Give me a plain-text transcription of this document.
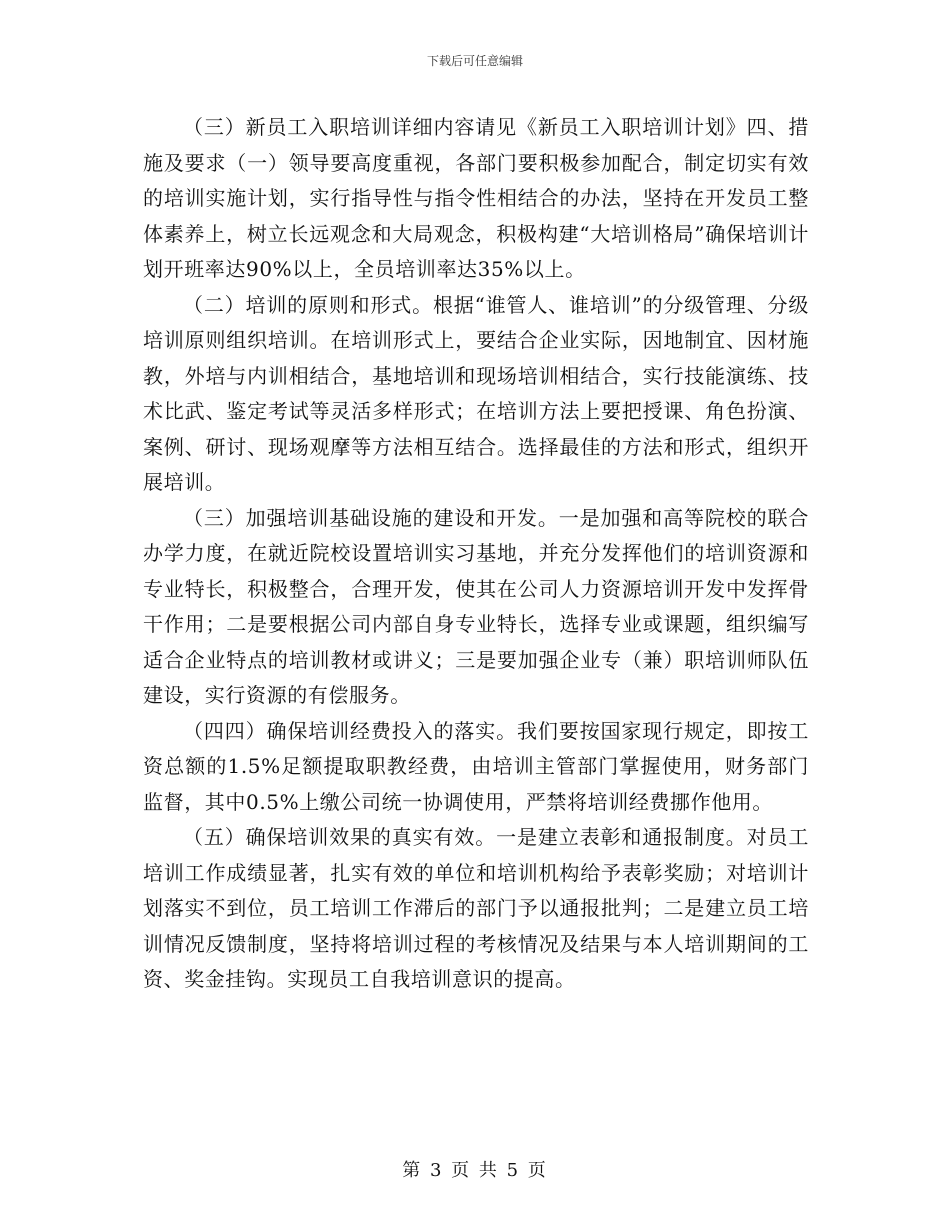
下载后可任意编辑

（三）新员工入职培训详细内容请见《新员工入职培训计划》四、措施及要求（一）领导要高度重视，各部门要积极参加配合，制定切实有效的培训实施计划，实行指导性与指令性相结合的办法，坚持在开发员工整体素养上，树立长远观念和大局观念，积极构建“大培训格局”确保培训计划开班率达90%以上，全员培训率达35%以上。

（二）培训的原则和形式。根据“谁管人、谁培训”的分级管理、分级培训原则组织培训。在培训形式上，要结合企业实际，因地制宜、因材施教，外培与内训相结合，基地培训和现场培训相结合，实行技能演练、技术比武、鉴定考试等灵活多样形式；在培训方法上要把授课、角色扮演、案例、研讨、现场观摩等方法相互结合。选择最佳的方法和形式，组织开展培训。

（三）加强培训基础设施的建设和开发。一是加强和高等院校的联合办学力度，在就近院校设置培训实习基地，并充分发挥他们的培训资源和专业特长，积极整合，合理开发，使其在公司人力资源培训开发中发挥骨干作用；二是要根据公司内部自身专业特长，选择专业或课题，组织编写适合企业特点的培训教材或讲义；三是要加强企业专（兼）职培训师队伍建设，实行资源的有偿服务。

（四四）确保培训经费投入的落实。我们要按国家现行规定，即按工资总额的1.5%足额提取职教经费，由培训主管部门掌握使用，财务部门监督，其中0.5%上缴公司统一协调使用，严禁将培训经费挪作他用。

（五）确保培训效果的真实有效。一是建立表彰和通报制度。对员工培训工作成绩显著，扎实有效的单位和培训机构给予表彰奖励；对培训计划落实不到位，员工培训工作滞后的部门予以通报批判；二是建立员工培训情况反馈制度，坚持将培训过程的考核情况及结果与本人培训期间的工资、奖金挂钩。实现员工自我培训意识的提高。

第 3 页 共 5 页
